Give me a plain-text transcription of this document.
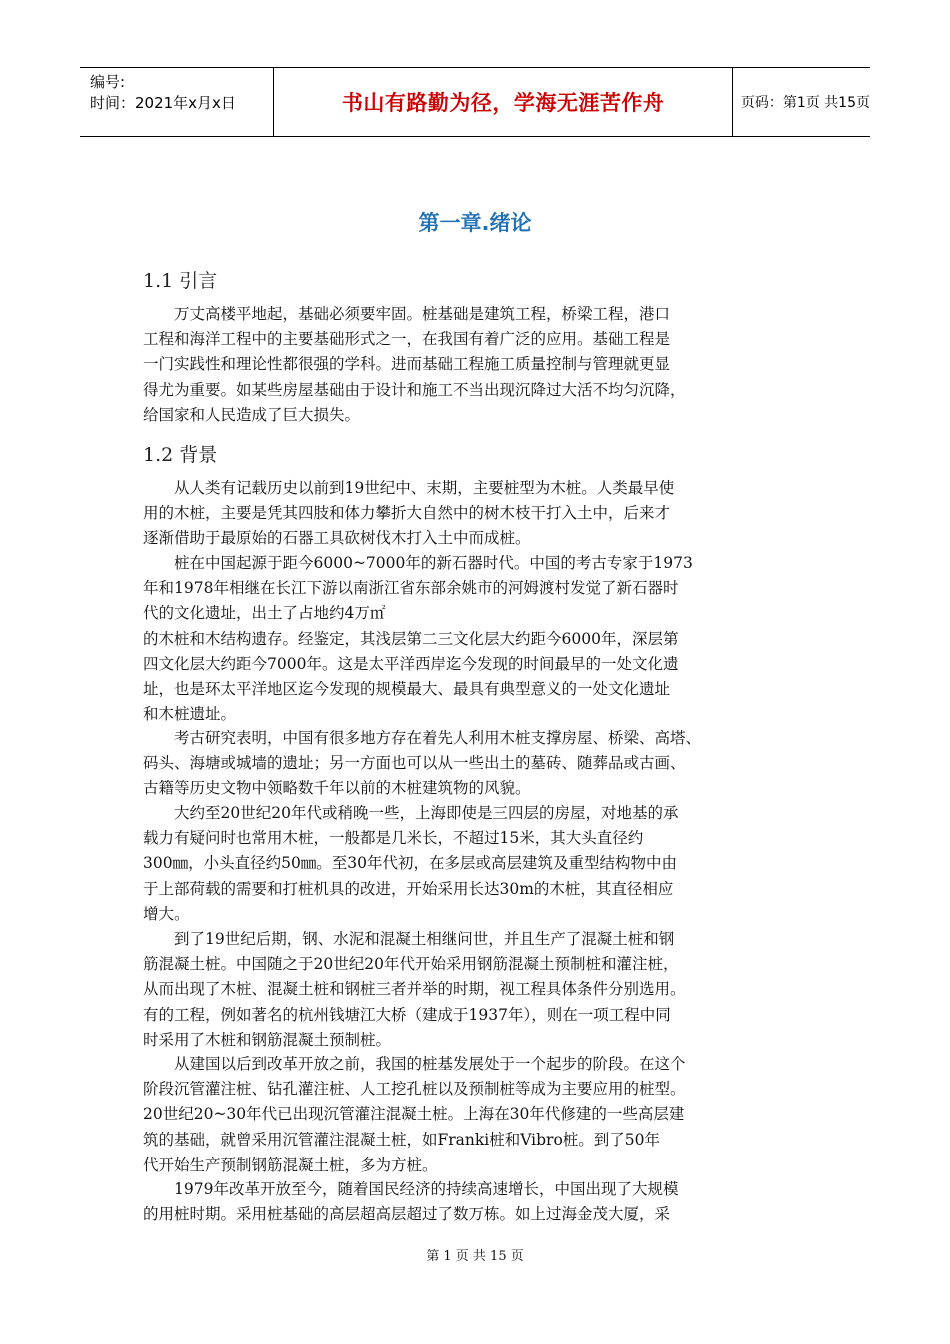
编号:
时间：2021年x月x日	书山有路勤为径，学海无涯苦作舟	页码：第1页 共15页
第一章.绪论
1.1 引言
万丈高楼平地起，基础必须要牢固。桩基础是建筑工程，桥梁工程，港口
工程和海洋工程中的主要基础形式之一，在我国有着广泛的应用。基础工程是
一门实践性和理论性都很强的学科。进而基础工程施工质量控制与管理就更显
得尤为重要。如某些房屋基础由于设计和施工不当出现沉降过大活不均匀沉降，
给国家和人民造成了巨大损失。
1.2 背景
从人类有记载历史以前到19世纪中、末期，主要桩型为木桩。人类最早使
用的木桩，主要是凭其四肢和体力攀折大自然中的树木枝干打入土中，后来才
逐渐借助于最原始的石器工具砍树伐木打入土中而成桩。
桩在中国起源于距今6000~7000年的新石器时代。中国的考古专家于1973
年和1978年相继在长江下游以南浙江省东部余姚市的河姆渡村发觉了新石器时
代的文化遗址，出土了占地约4万㎡
的木桩和木结构遗存。经鉴定，其浅层第二三文化层大约距今6000年，深层第
四文化层大约距今7000年。这是太平洋西岸迄今发现的时间最早的一处文化遗
址，也是环太平洋地区迄今发现的规模最大、最具有典型意义的一处文化遗址
和木桩遗址。
考古研究表明，中国有很多地方存在着先人利用木桩支撑房屋、桥梁、高塔、
码头、海塘或城墙的遗址；另一方面也可以从一些出土的墓砖、随葬品或古画、
古籍等历史文物中领略数千年以前的木桩建筑物的风貌。
大约至20世纪20年代或稍晚一些，上海即使是三四层的房屋，对地基的承
载力有疑问时也常用木桩，一般都是几米长，不超过15米，其大头直径约
300㎜，小头直径约50㎜。至30年代初，在多层或高层建筑及重型结构物中由
于上部荷载的需要和打桩机具的改进，开始采用长达30m的木桩，其直径相应
增大。
到了19世纪后期，钢、水泥和混凝土相继问世，并且生产了混凝土桩和钢
筋混凝土桩。中国随之于20世纪20年代开始采用钢筋混凝土预制桩和灌注桩，
从而出现了木桩、混凝土桩和钢桩三者并举的时期，视工程具体条件分别选用。
有的工程，例如著名的杭州钱塘江大桥（建成于1937年），则在一项工程中同
时采用了木桩和钢筋混凝土预制桩。
从建国以后到改革开放之前，我国的桩基发展处于一个起步的阶段。在这个
阶段沉管灌注桩、钻孔灌注桩、人工挖孔桩以及预制桩等成为主要应用的桩型。
20世纪20~30年代已出现沉管灌注混凝土桩。上海在30年代修建的一些高层建
筑的基础，就曾采用沉管灌注混凝土桩，如Franki桩和Vibro桩。到了50年
代开始生产预制钢筋混凝土桩，多为方桩。
1979年改革开放至今，随着国民经济的持续高速增长，中国出现了大规模
的用桩时期。采用桩基础的高层超高层超过了数万栋。如上过海金茂大厦，采
第 1 页 共 15 页
